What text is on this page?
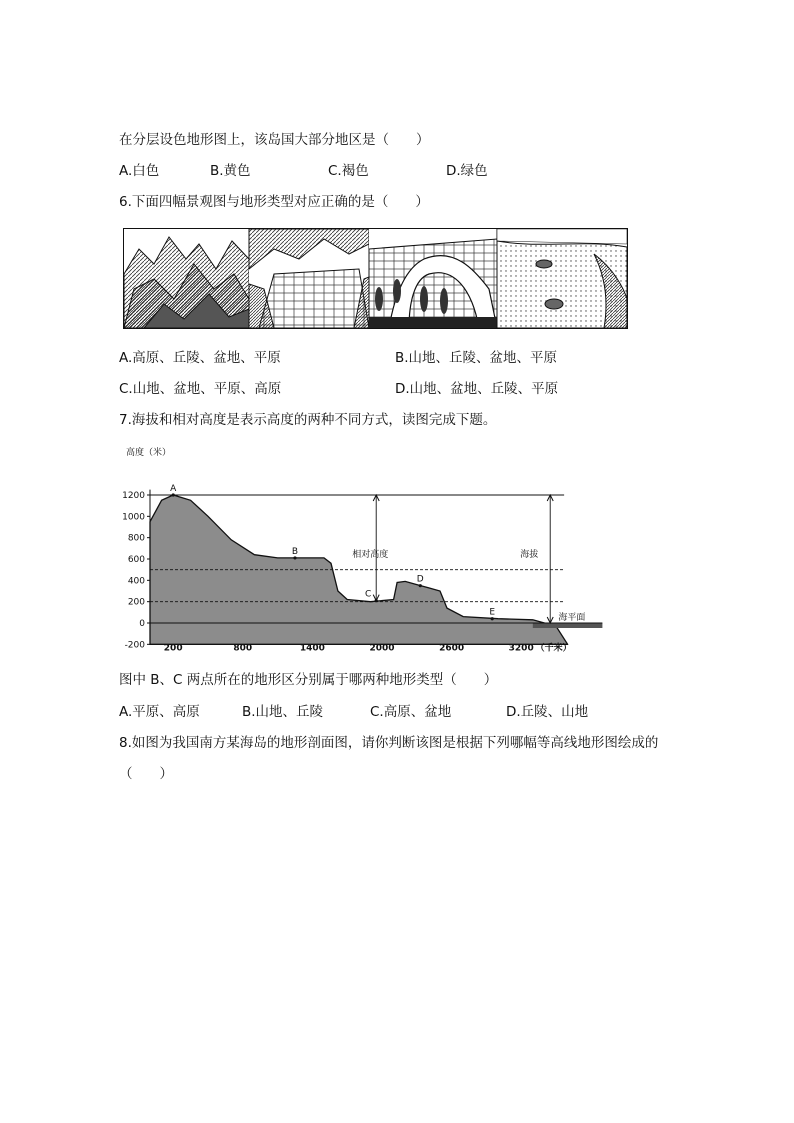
在分层设色地形图上，该岛国大部分地区是（　　）
A.白色	B.黄色	C.褐色	D.绿色
6.下面四幅景观图与地形类型对应正确的是（　　）
A.高原、丘陵、盆地、平原	B.山地、丘陵、盆地、平原
C.山地、盆地、平原、高原	D.山地、盆地、丘陵、平原
7.海拔和相对高度是表示高度的两种不同方式，读图完成下题。
-200
0
200
400
600
800
1000
1200
200	800	1400	2000	2600	3200 （千米）
高度（米）
A
B
C
D
E
相对高度	海拔
海平面
图中 B、C 两点所在的地形区分别属于哪两种地形类型（　　）
A.平原、高原	B.山地、丘陵	C.高原、盆地	D.丘陵、山地
8.如图为我国南方某海岛的地形剖面图，请你判断该图是根据下列哪幅等高线地形图绘成的
（　　）
